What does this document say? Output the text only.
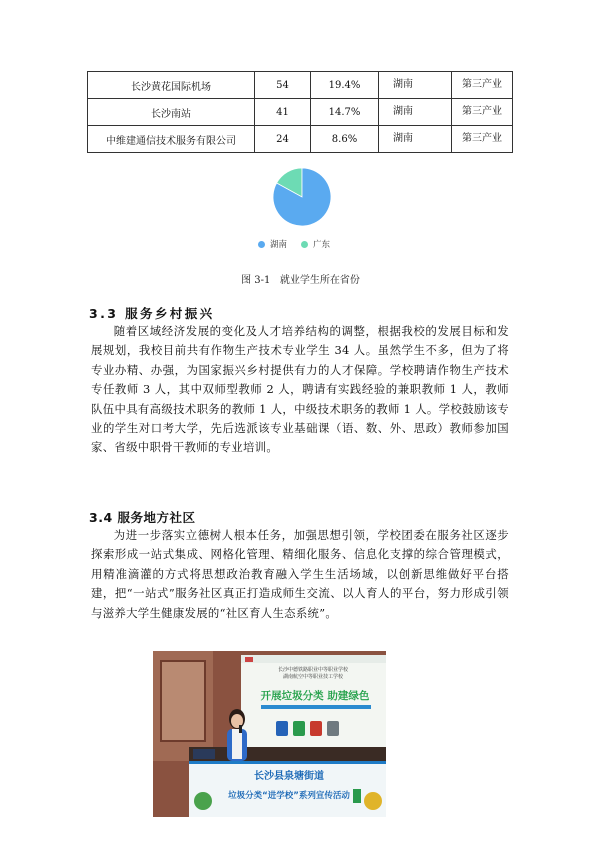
长沙黄花国际机场	54	19.4%	湖南	第三产业
长沙南站	41	14.7%	湖南	第三产业
中维建通信技术服务有限公司	24	8.6%	湖南	第三产业
湖南	广东
图 3-1   就业学生所在省份
3.3 服务乡村振兴

随着区域经济发展的变化及人才培养结构的调整，根据我校的发展目标和发展规划，我校目前共有作物生产技术专业学生 34 人。虽然学生不多，但为了将专业办精、办强，为国家振兴乡村提供有力的人才保障。学校聘请作物生产技术专任教师 3 人，其中双师型教师 2 人，聘请有实践经验的兼职教师 1 人，教师队伍中具有高级技术职务的教师 1 人，中级技术职务的教师 1 人。学校鼓励该专业的学生对口考大学，先后选派该专业基础课（语、数、外、思政）教师参加国家、省级中职骨干教师的专业培训。

3.4 服务地方社区

为进一步落实立德树人根本任务，加强思想引领，学校团委在服务社区逐步探索形成一站式集成、网格化管理、精细化服务、信息化支撑的综合管理模式，用精准滴灌的方式将思想政治教育融入学生生活场域，以创新思维做好平台搭建，把“一站式”服务社区真正打造成师生交流、以人育人的平台，努力形成引领与滋养大学生健康发展的“社区育人生态系统”。

长沙中德铁路职业中等职业学校
湖南航空中等职业技工学校
开展垃圾分类 助建绿色
长沙县泉塘街道
垃圾分类“进学校”系列宣传活动
